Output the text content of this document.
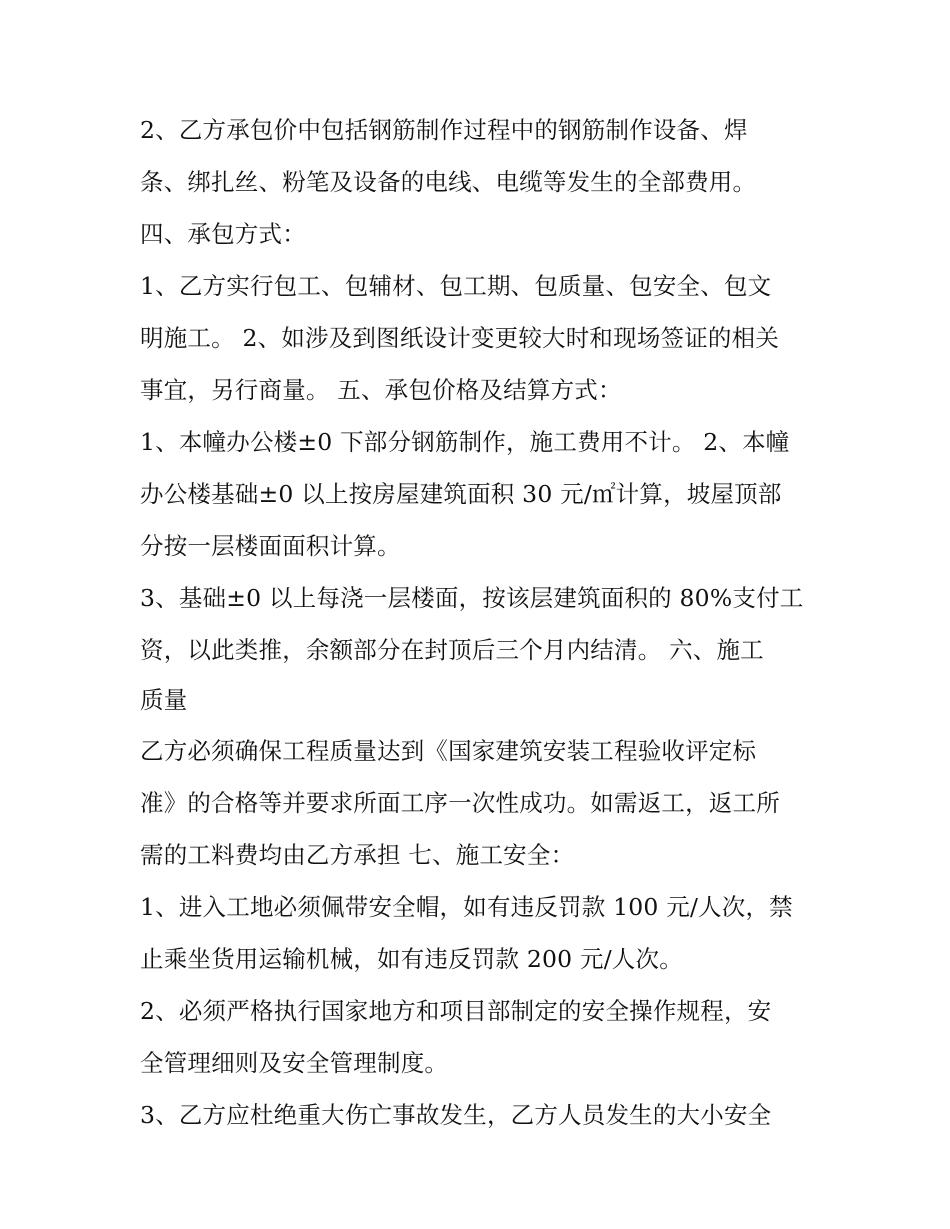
2、乙方承包价中包括钢筋制作过程中的钢筋制作设备、焊
条、绑扎丝、粉笔及设备的电线、电缆等发生的全部费用。
四、承包方式：
1、乙方实行包工、包辅材、包工期、包质量、包安全、包文
明施工。 2、如涉及到图纸设计变更较大时和现场签证的相关
事宜，另行商量。 五、承包价格及结算方式：
1、本幢办公楼±0 下部分钢筋制作，施工费用不计。 2、本幢
办公楼基础±0 以上按房屋建筑面积 30 元/㎡计算，坡屋顶部
分按一层楼面面积计算。
3、基础±0 以上每浇一层楼面，按该层建筑面积的 80%支付工
资，以此类推，余额部分在封顶后三个月内结清。 六、施工
质量
乙方必须确保工程质量达到《国家建筑安装工程验收评定标
准》的合格等并要求所面工序一次性成功。如需返工，返工所
需的工料费均由乙方承担 七、施工安全：
1、进入工地必须佩带安全帽，如有违反罚款 100 元/人次，禁
止乘坐货用运输机械，如有违反罚款 200 元/人次。
2、必须严格执行国家地方和项目部制定的安全操作规程，安
全管理细则及安全管理制度。
3、乙方应杜绝重大伤亡事故发生，乙方人员发生的大小安全
